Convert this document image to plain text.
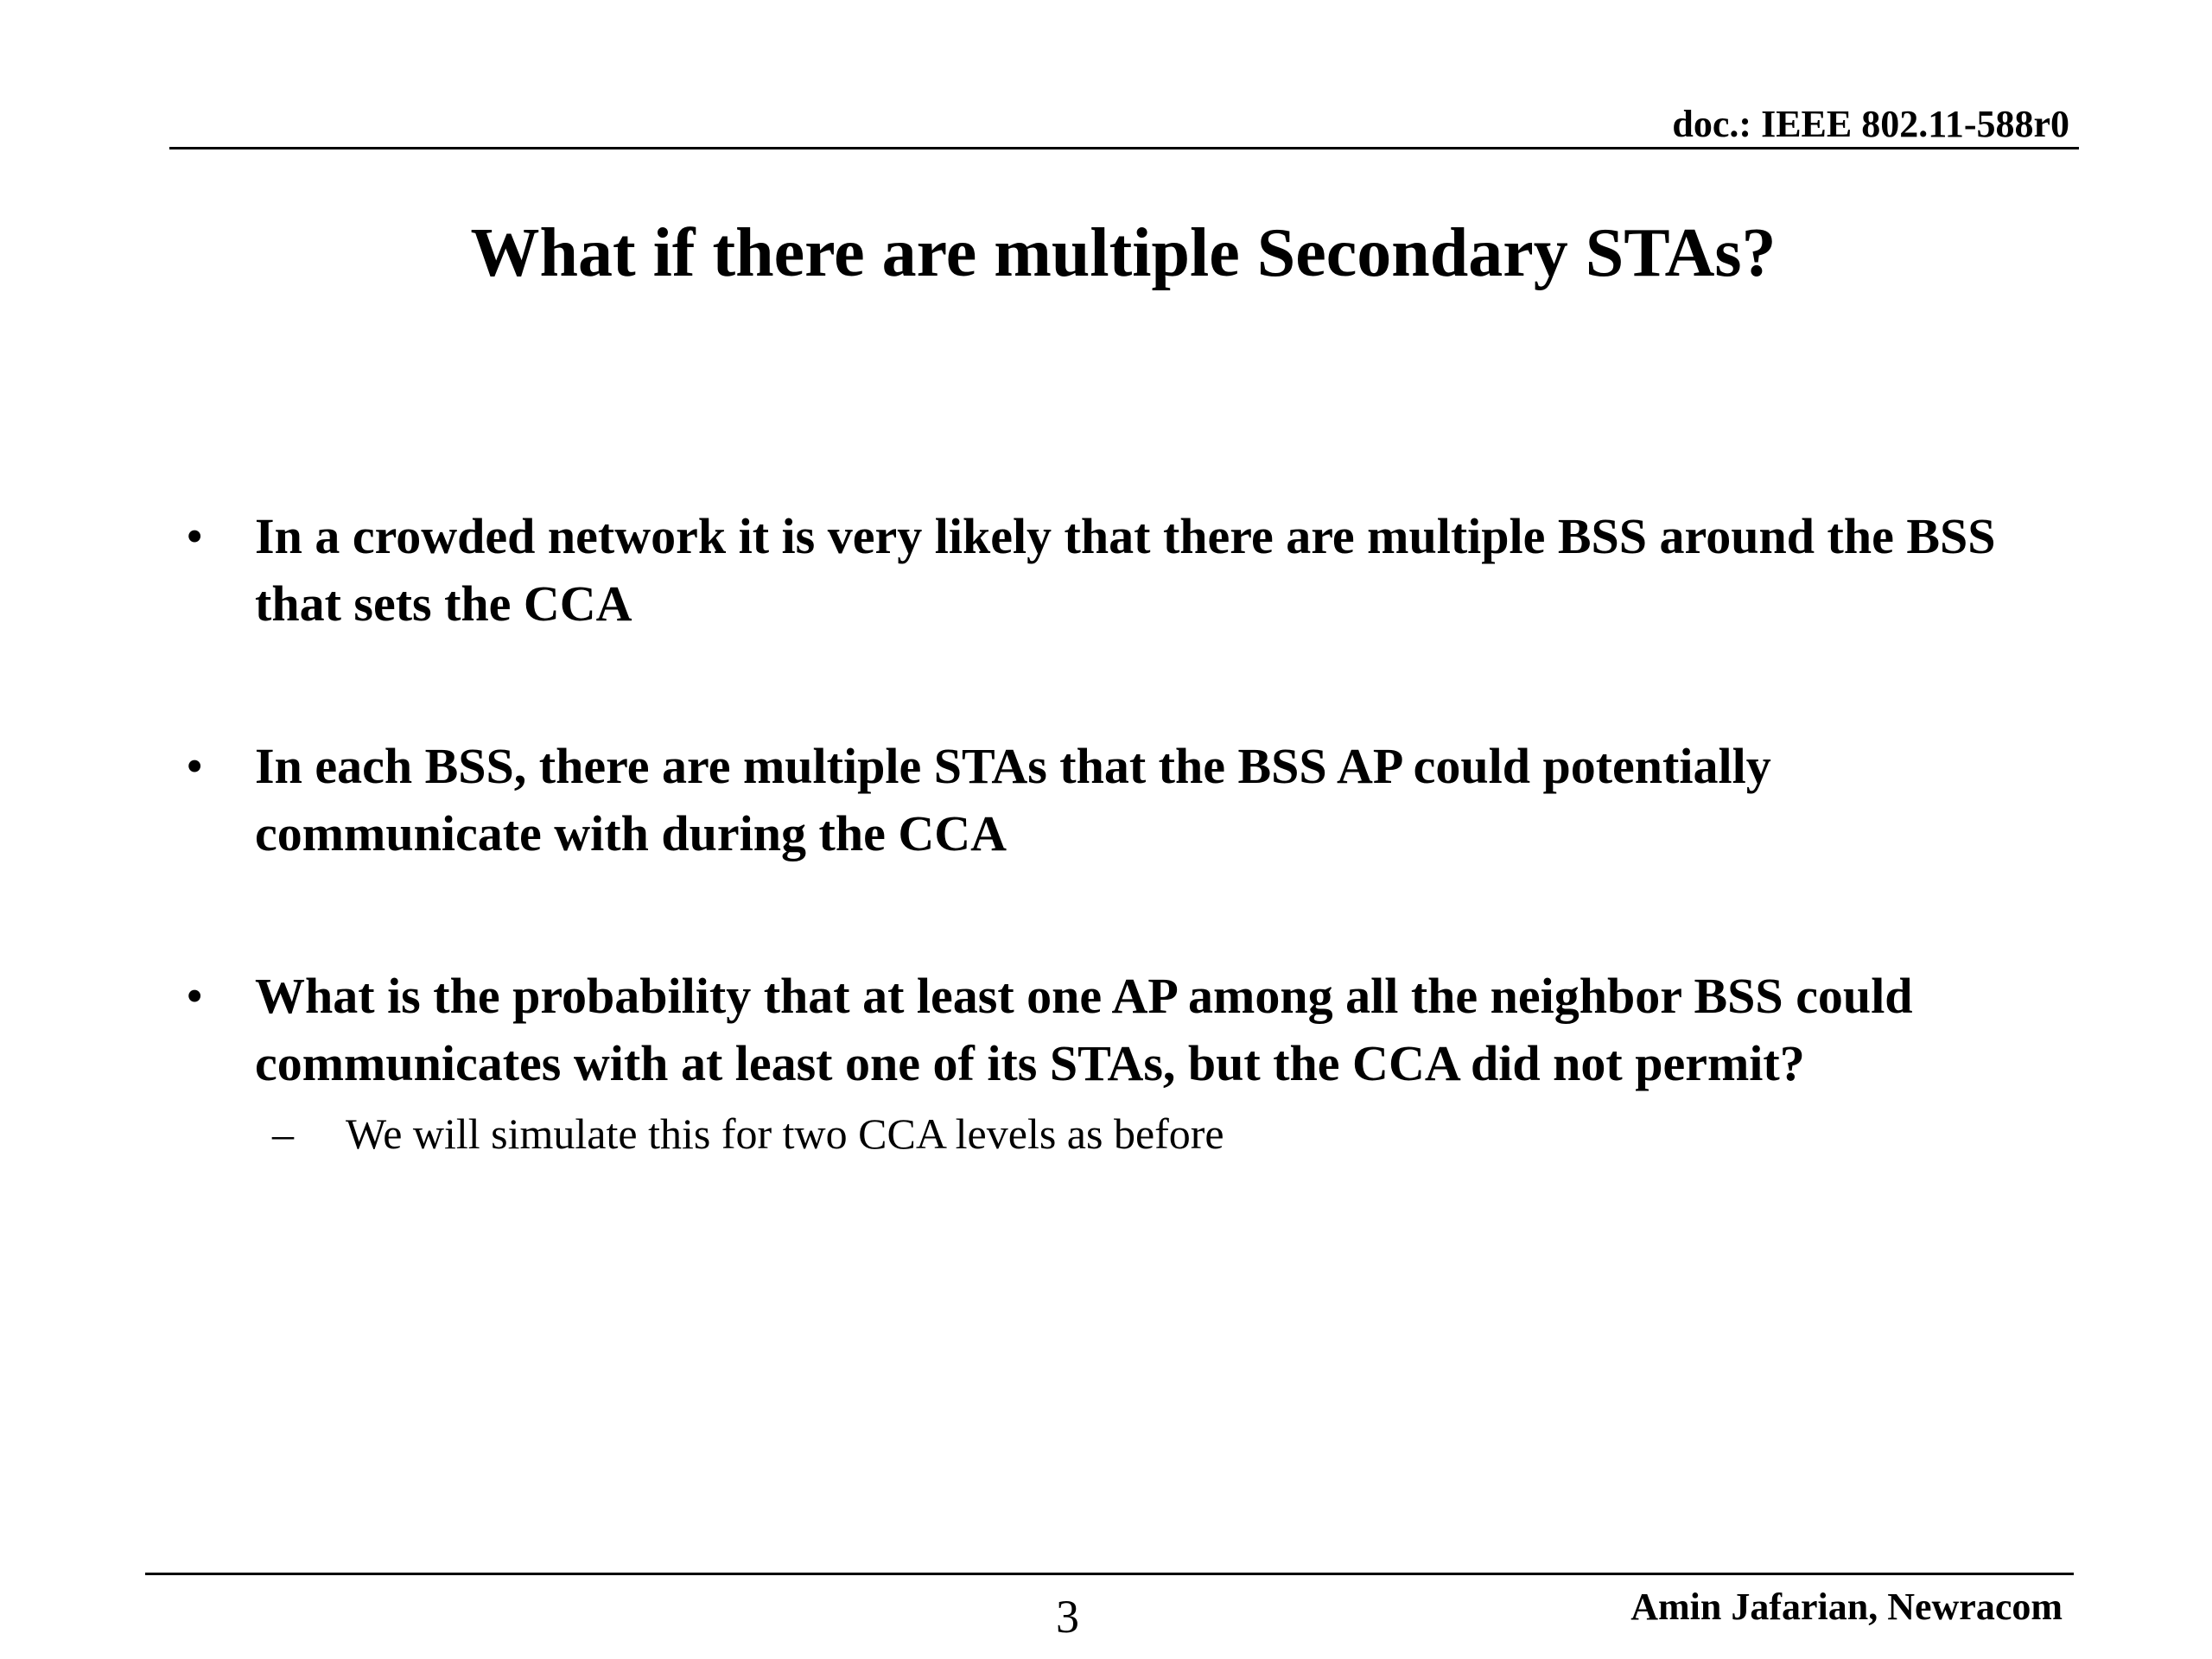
doc.: IEEE 802.11-588r0
What if there are multiple Secondary STAs?
• In a crowded network it is very likely that there are multiple BSS around the BSS that sets the CCA
• In each BSS, there are multiple STAs that the BSS AP could potentially communicate with during the CCA
• What is the probability that at least one AP among all the neighbor BSS could communicates with at least one of its STAs, but the CCA did not permit?
– We will simulate this for two CCA levels as before
3	Amin Jafarian, Newracom
